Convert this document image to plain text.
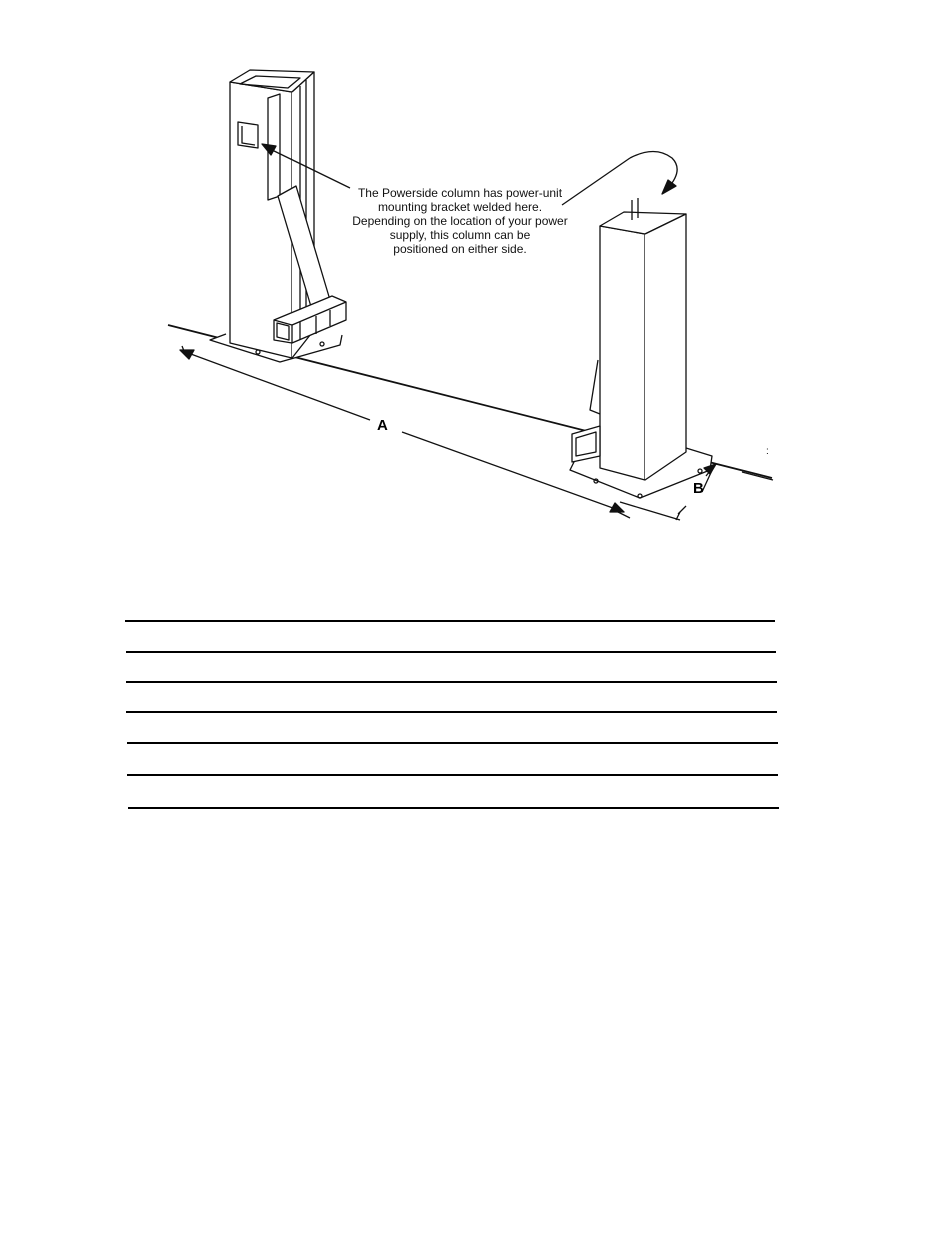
:
The Powerside column has power-unit
mounting bracket welded here.
Depending on the location of your power
supply, this column can be
positioned on either side.
A
B
